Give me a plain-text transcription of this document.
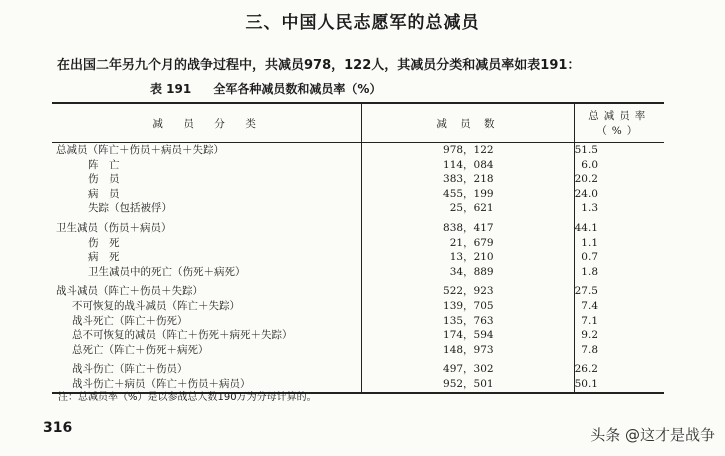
三、中国人民志愿军的总减员
在出国二年另九个月的战争过程中，共减员978，122人，其减员分类和减员率如表191：
表 191 全军各种减员数和减员率（%）
减　员　分　类	减 员 数	总减员率（%）
总减员（阵亡＋伤员＋病员＋失踪）	978，122	51.5
阵　亡	114，084	6.0
伤　员	383，218	20.2
病　员	455，199	24.0
失踪（包括被俘）	25，621	1.3

卫生减员（伤员＋病员）	838，417	44.1
伤　死	21，679	1.1
病　死	13，210	0.7
卫生减员中的死亡（伤死＋病死）	34，889	1.8

战斗减员（阵亡＋伤员＋失踪）	522，923	27.5
不可恢复的战斗减员（阵亡＋失踪）	139，705	7.4
战斗死亡（阵亡＋伤死）	135，763	7.1
总不可恢复的减员（阵亡＋伤死＋病死＋失踪）	174，594	9.2
总死亡（阵亡＋伤死＋病死）	148，973	7.8

战斗伤亡（阵亡＋伤员）	497，302	26.2
战斗伤亡＋病员（阵亡＋伤员＋病员）	952，501	50.1
注：总减员率（%）是以参战总人数190万为分母计算的。
316	头条 @这才是战争
